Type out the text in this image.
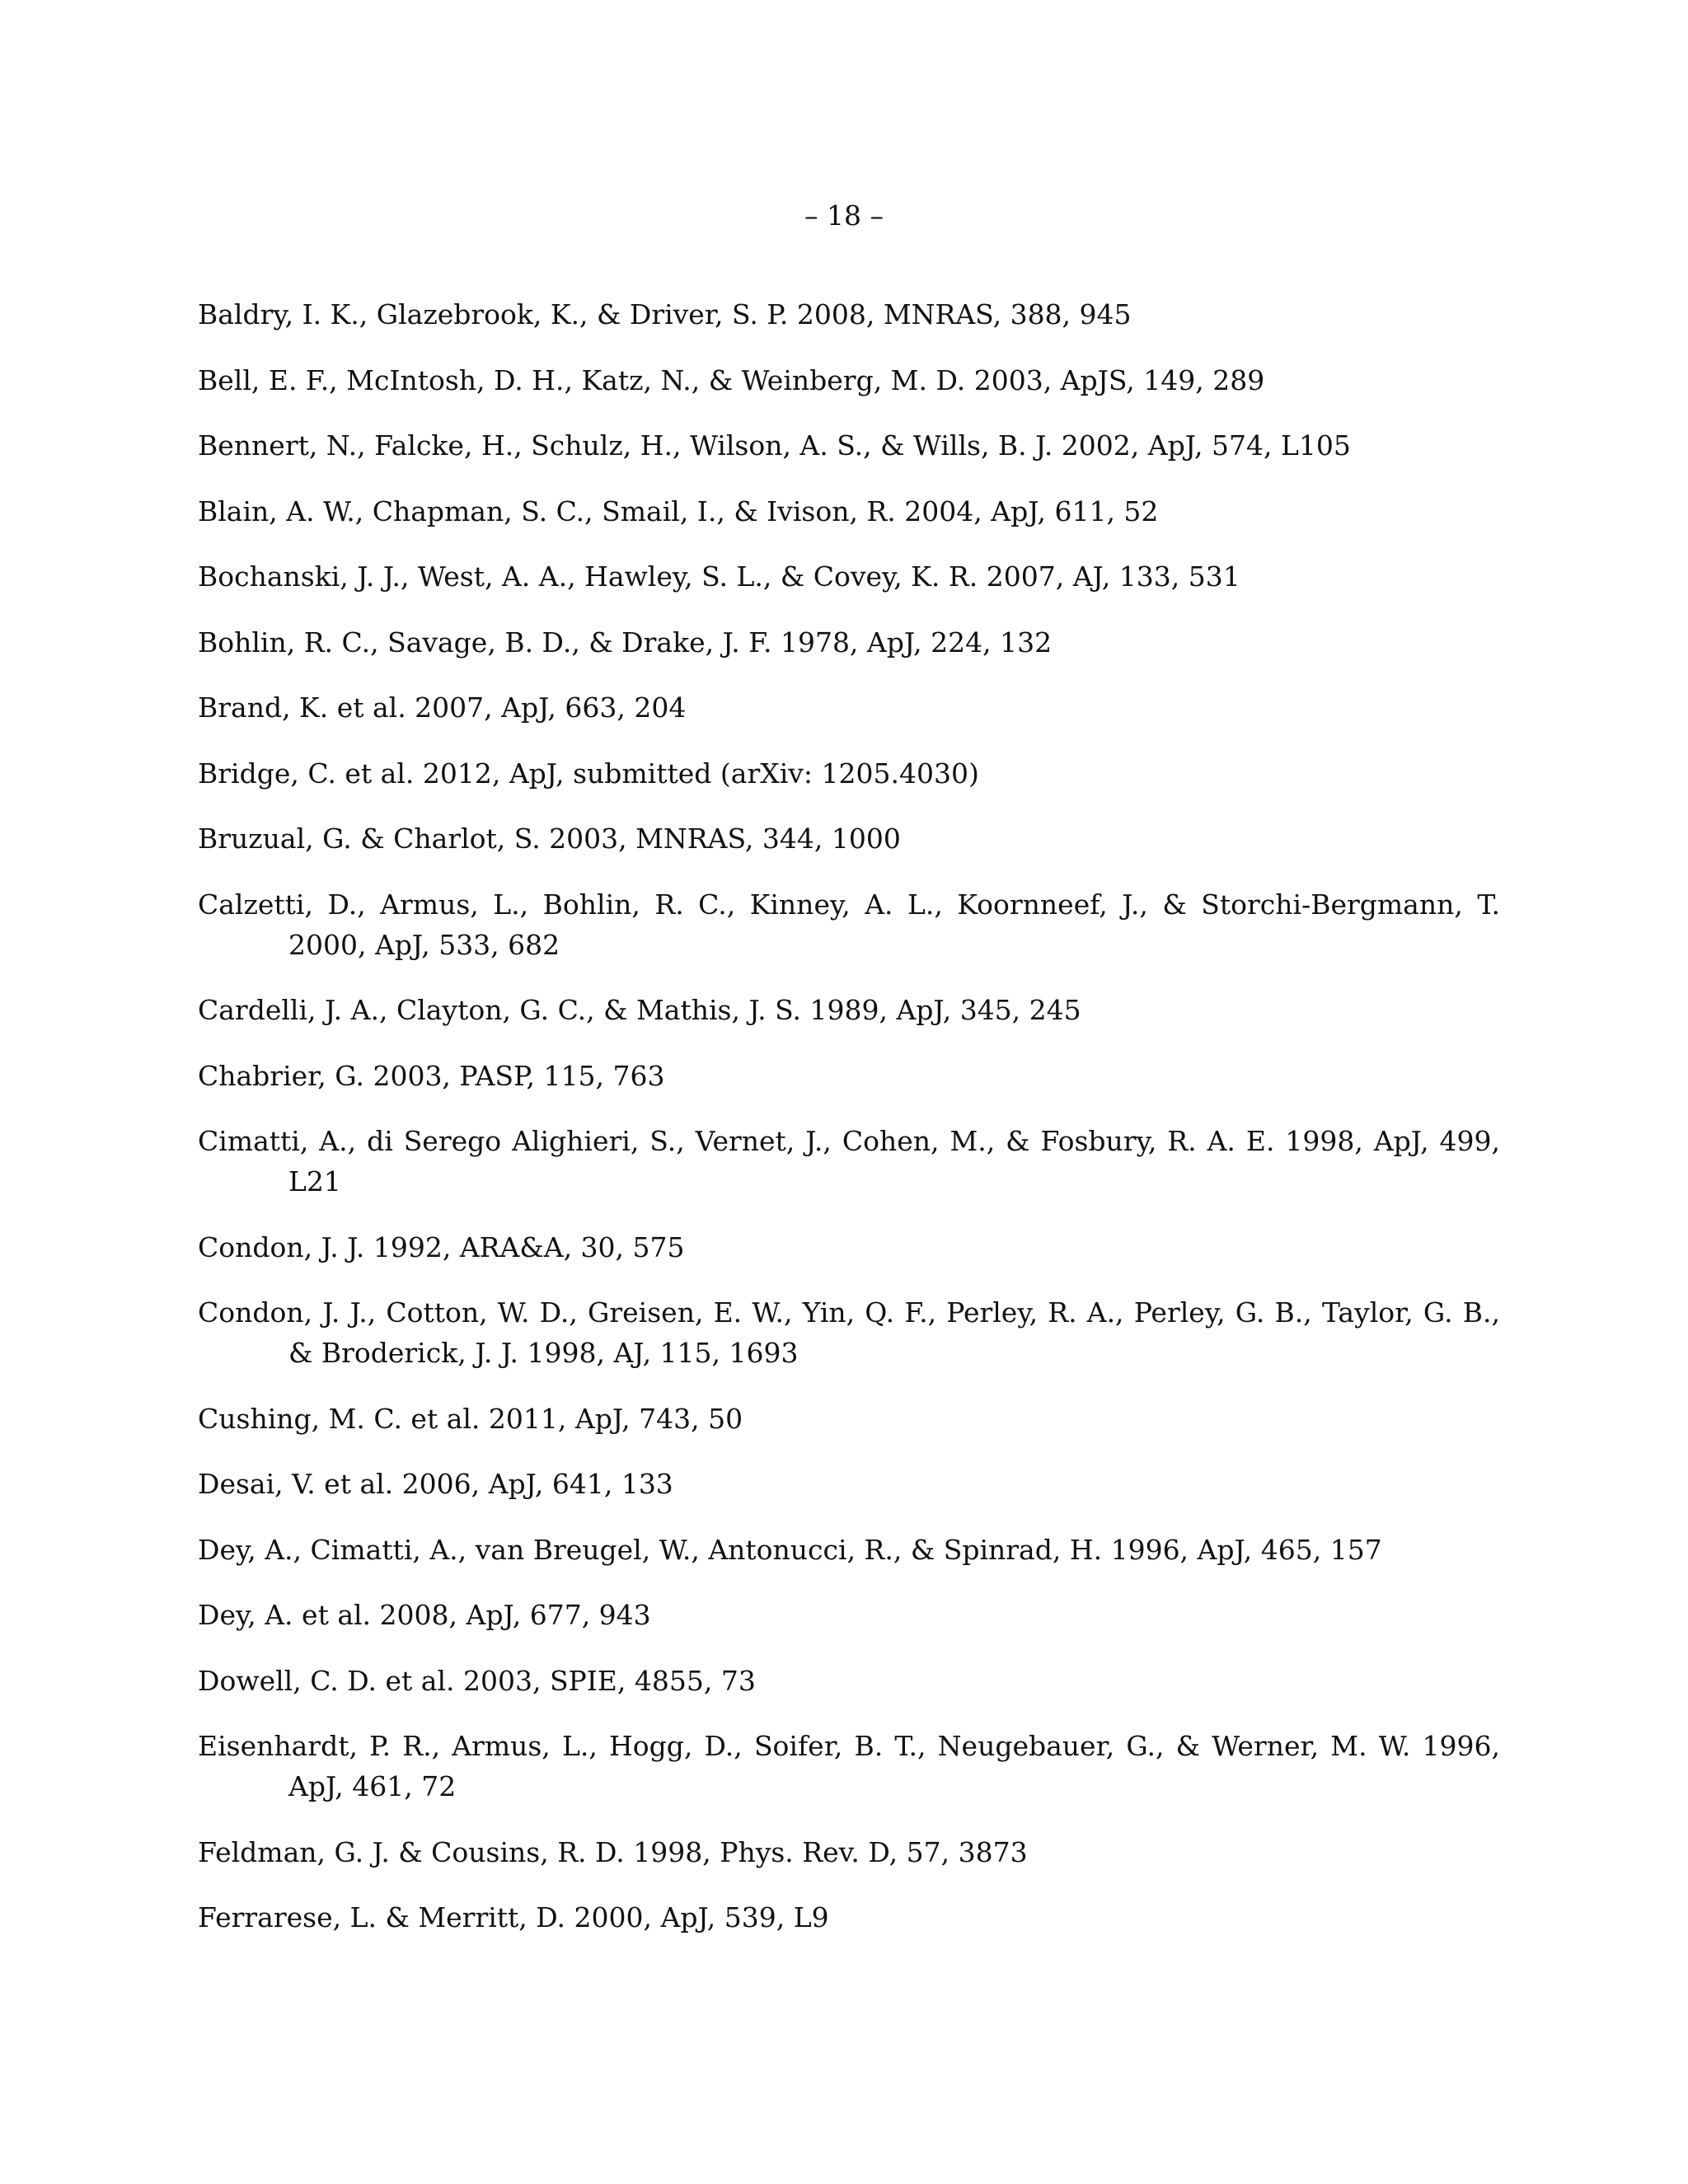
– 18 –
Baldry, I. K., Glazebrook, K., & Driver, S. P. 2008, MNRAS, 388, 945
Bell, E. F., McIntosh, D. H., Katz, N., & Weinberg, M. D. 2003, ApJS, 149, 289
Bennert, N., Falcke, H., Schulz, H., Wilson, A. S., & Wills, B. J. 2002, ApJ, 574, L105
Blain, A. W., Chapman, S. C., Smail, I., & Ivison, R. 2004, ApJ, 611, 52
Bochanski, J. J., West, A. A., Hawley, S. L., & Covey, K. R. 2007, AJ, 133, 531
Bohlin, R. C., Savage, B. D., & Drake, J. F. 1978, ApJ, 224, 132
Brand, K. et al. 2007, ApJ, 663, 204
Bridge, C. et al. 2012, ApJ, submitted (arXiv: 1205.4030)
Bruzual, G. & Charlot, S. 2003, MNRAS, 344, 1000
Calzetti, D., Armus, L., Bohlin, R. C., Kinney, A. L., Koornneef, J., & Storchi-Bergmann, T. 2000, ApJ, 533, 682
Cardelli, J. A., Clayton, G. C., & Mathis, J. S. 1989, ApJ, 345, 245
Chabrier, G. 2003, PASP, 115, 763
Cimatti, A., di Serego Alighieri, S., Vernet, J., Cohen, M., & Fosbury, R. A. E. 1998, ApJ, 499, L21
Condon, J. J. 1992, ARA&A, 30, 575
Condon, J. J., Cotton, W. D., Greisen, E. W., Yin, Q. F., Perley, R. A., Perley, G. B., Taylor, G. B., & Broderick, J. J. 1998, AJ, 115, 1693
Cushing, M. C. et al. 2011, ApJ, 743, 50
Desai, V. et al. 2006, ApJ, 641, 133
Dey, A., Cimatti, A., van Breugel, W., Antonucci, R., & Spinrad, H. 1996, ApJ, 465, 157
Dey, A. et al. 2008, ApJ, 677, 943
Dowell, C. D. et al. 2003, SPIE, 4855, 73
Eisenhardt, P. R., Armus, L., Hogg, D., Soifer, B. T., Neugebauer, G., & Werner, M. W. 1996, ApJ, 461, 72
Feldman, G. J. & Cousins, R. D. 1998, Phys. Rev. D, 57, 3873
Ferrarese, L. & Merritt, D. 2000, ApJ, 539, L9
